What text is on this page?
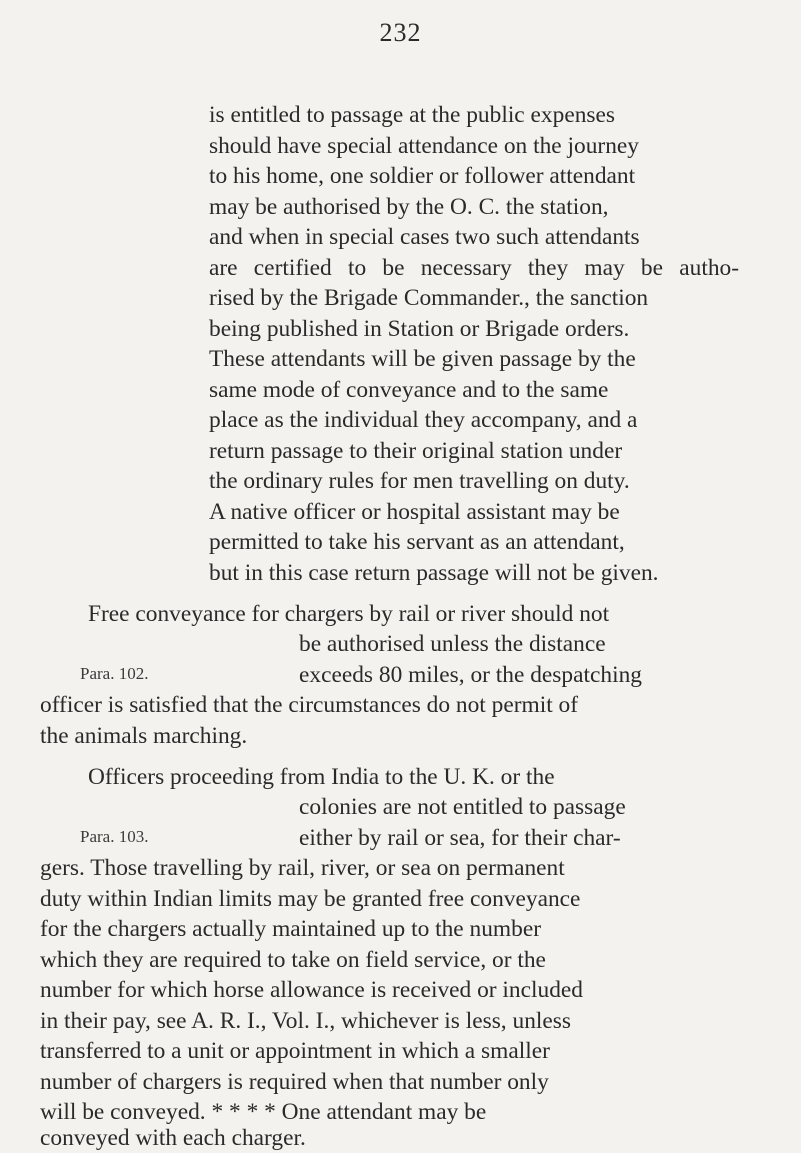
232
is entitled to passage at the public expenses
should have special attendance on the journey
to his home, one soldier or follower attendant
may be authorised by the O. C. the station,
and when in special cases two such attendants
are certified to be necessary they may be autho-
rised by the Brigade Commander., the sanction
being published in Station or Brigade orders.
These attendants will be given passage by the
same mode of conveyance and to the same
place as the individual they accompany, and a
return passage to their original station under
the ordinary rules for men travelling on duty.
A native officer or hospital assistant may be
permitted to take his servant as an attendant,
but in this case return passage will not be given.
Free conveyance for chargers by rail or river should not
Para. 102.
be authorised unless the distance
exceeds 80 miles, or the despatching
officer is satisfied that the circumstances do not permit of
the animals marching.
Officers proceeding from India to the U. K. or the
Para. 103.
colonies are not entitled to passage
either by rail or sea, for their char-
gers. Those travelling by rail, river, or sea on permanent
duty within Indian limits may be granted free conveyance
for the chargers actually maintained up to the number
which they are required to take on field service, or the
number for which horse allowance is received or included
in their pay, see A. R. I., Vol. I., whichever is less, unless
transferred to a unit or appointment in which a smaller
number of chargers is required when that number only
will be conveyed. * * * * One attendant may be
conveyed with each charger.
